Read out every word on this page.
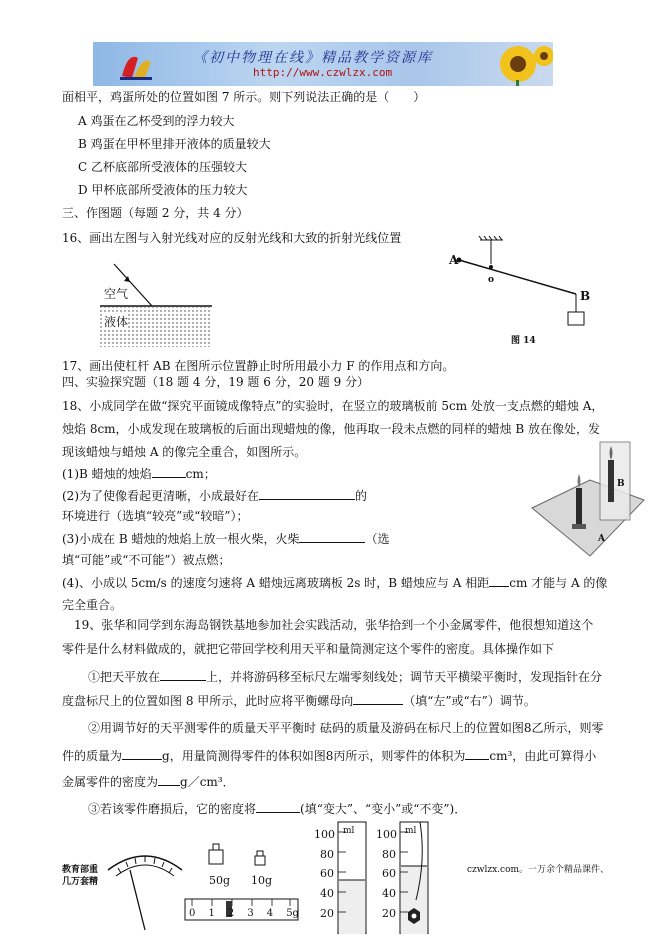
《初中物理在线》精品教学资源库
http://www.czwlzx.com
面相平，鸡蛋所处的位置如图 7 所示。则下列说法正确的是（　　）
A 鸡蛋在乙杯受到的浮力较大
B 鸡蛋在甲杯里排开液体的质量较大
C 乙杯底部所受液体的压强较大
D 甲杯底部所受液体的压力较大
三、作图题（每题 2 分，共 4 分）
16、画出左图与入射光线对应的反射光线和大致的折射光线位置
空气
液体
A
o
B
图 14
17、画出使杠杆 AB 在图所示位置静止时所用最小力 F 的作用点和方向。
四、实验探究题（18 题 4 分，19 题 6 分，20 题 9 分）
18、小成同学在做“探究平面镜成像特点”的实验时，在竖立的玻璃板前 5cm 处放一支点燃的蜡烛 A，
烛焰 8cm，小成发现在玻璃板的后面出现蜡烛的像，他再取一段未点燃的同样的蜡烛 B 放在像处，发
现该蜡烛与蜡烛 A 的像完全重合，如图所示。
(1)B 蜡烛的烛焰	cm；
(2)为了使像看起更清晰，小成最好在	的
环境进行（选填“较亮”或“较暗”）；
(3)小成在 B 蜡烛的烛焰上放一根火柴，火柴	（选
填“可能”或“不可能”）被点燃；
(4)、小成以 5cm/s 的速度匀速将 A 蜡烛远离玻璃板 2s 时，B 蜡烛应与 A 相距 cm 才能与 A 的像
完全重合。
B
A
19、张华和同学到东海岛钢铁基地参加社会实践活动，张华拾到一个小金属零件，他很想知道这个
零件是什么材料做成的，就把它带回学校利用天平和量筒测定这个零件的密度。具体操作如下
①把天平放在	上，并将游码移至标尺左端零刻线处；调节天平横梁平衡时，发现指针在分
度盘标尺上的位置如图 8 甲所示，此时应将平衡螺母向	（填“左”或“右”）调节。
②用调节好的天平测零件的质量天平平衡时 砝码的质量及游码在标尺上的位置如图8乙所示，则零
件的质量为	g，用量筒测得零件的体积如图8丙所示，则零件的体积为 cm³，由此可算得小
金属零件的密度为 g／cm³．
③若该零件磨损后，它的密度将	(填“变大”、“变小”或“不变”)．
教育部重
几万套精	50g 10g
0 1 2 3 4 5g
ml
100
80
60
40
20
ml
100
80
60
40
20
czwlzx.com。一万余个精品课件、
